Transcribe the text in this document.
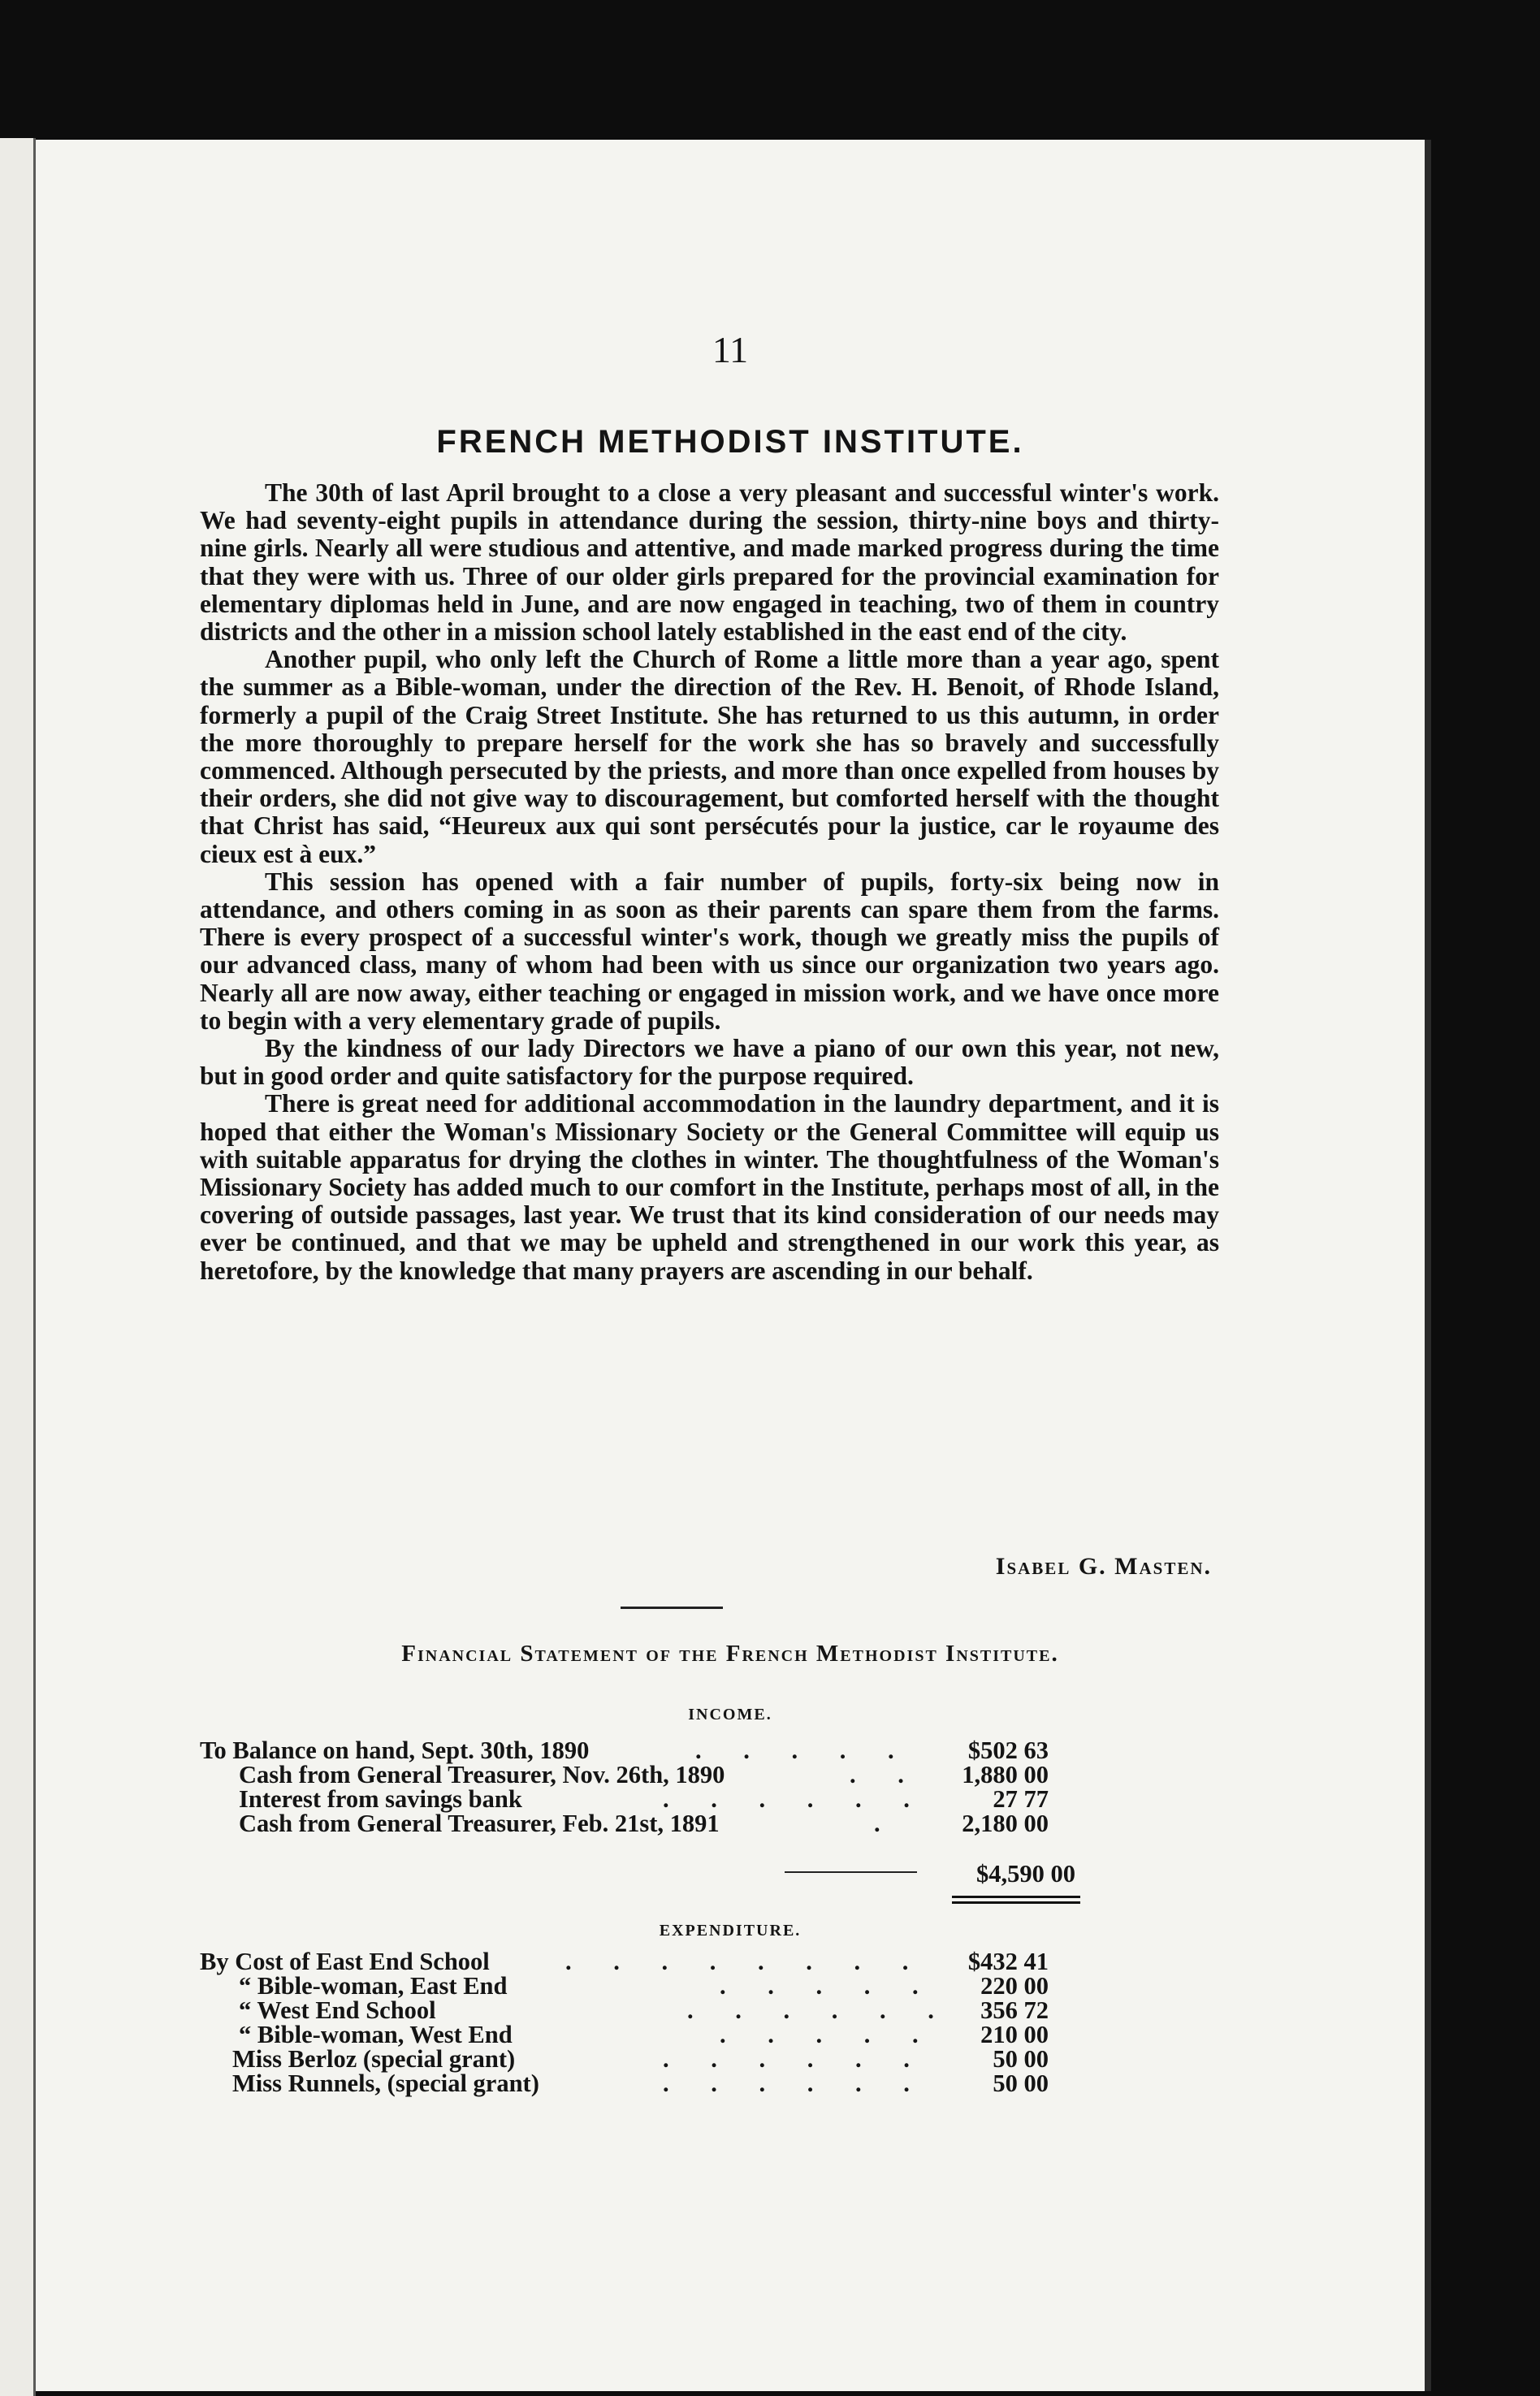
11
FRENCH METHODIST INSTITUTE.

The 30th of last April brought to a close a very pleasant and successful winter's work. We had seventy-eight pupils in attendance during the session, thirty-nine boys and thirty-nine girls. Nearly all were studious and attentive, and made marked progress during the time that they were with us. Three of our older girls prepared for the provincial examination for elementary diplomas held in June, and are now engaged in teaching, two of them in country districts and the other in a mission school lately established in the east end of the city.

Another pupil, who only left the Church of Rome a little more than a year ago, spent the summer as a Bible-woman, under the direction of the Rev. H. Benoit, of Rhode Island, formerly a pupil of the Craig Street Institute. She has returned to us this autumn, in order the more thoroughly to prepare herself for the work she has so bravely and successfully commenced. Although persecuted by the priests, and more than once expelled from houses by their orders, she did not give way to discouragement, but comforted herself with the thought that Christ has said, “Heureux aux qui sont persécutés pour la justice, car le royaume des cieux est à eux.”

This session has opened with a fair number of pupils, forty-six being now in attendance, and others coming in as soon as their parents can spare them from the farms. There is every prospect of a successful winter's work, though we greatly miss the pupils of our advanced class, many of whom had been with us since our organization two years ago. Nearly all are now away, either teaching or engaged in mission work, and we have once more to begin with a very elementary grade of pupils.

By the kindness of our lady Directors we have a piano of our own this year, not new, but in good order and quite satisfactory for the purpose required.

There is great need for additional accommodation in the laundry department, and it is hoped that either the Woman's Missionary Society or the General Committee will equip us with suitable apparatus for drying the clothes in winter. The thoughtfulness of the Woman's Missionary Society has added much to our comfort in the Institute, perhaps most of all, in the covering of outside passages, last year. We trust that its kind consideration of our needs may ever be continued, and that we may be upheld and strengthened in our work this year, as heretofore, by the knowledge that many prayers are ascending in our behalf.

Isabel G. Masten.
Financial Statement of the French Methodist Institute.
INCOME.
To Balance on hand, Sept. 30th, 1890	. . . . .	$502 63
Cash from General Treasurer, Nov. 26th, 1890	. . 1,880 00
Interest from savings bank	. . . . . .	27 77
Cash from General Treasurer, Feb. 21st, 1891	.	2,180 00
$4,590 00
EXPENDITURE.
By Cost of East End School	. . . . . . . .	$432 41
“ Bible-woman, East End	. . . . .	220 00
“ West End School	. . . . . .	356 72
“ Bible-woman, West End	. . . . .	210 00
Miss Berloz (special grant)	. . . . . .	50 00
Miss Runnels, (special grant)	. . . . . .	50 00
